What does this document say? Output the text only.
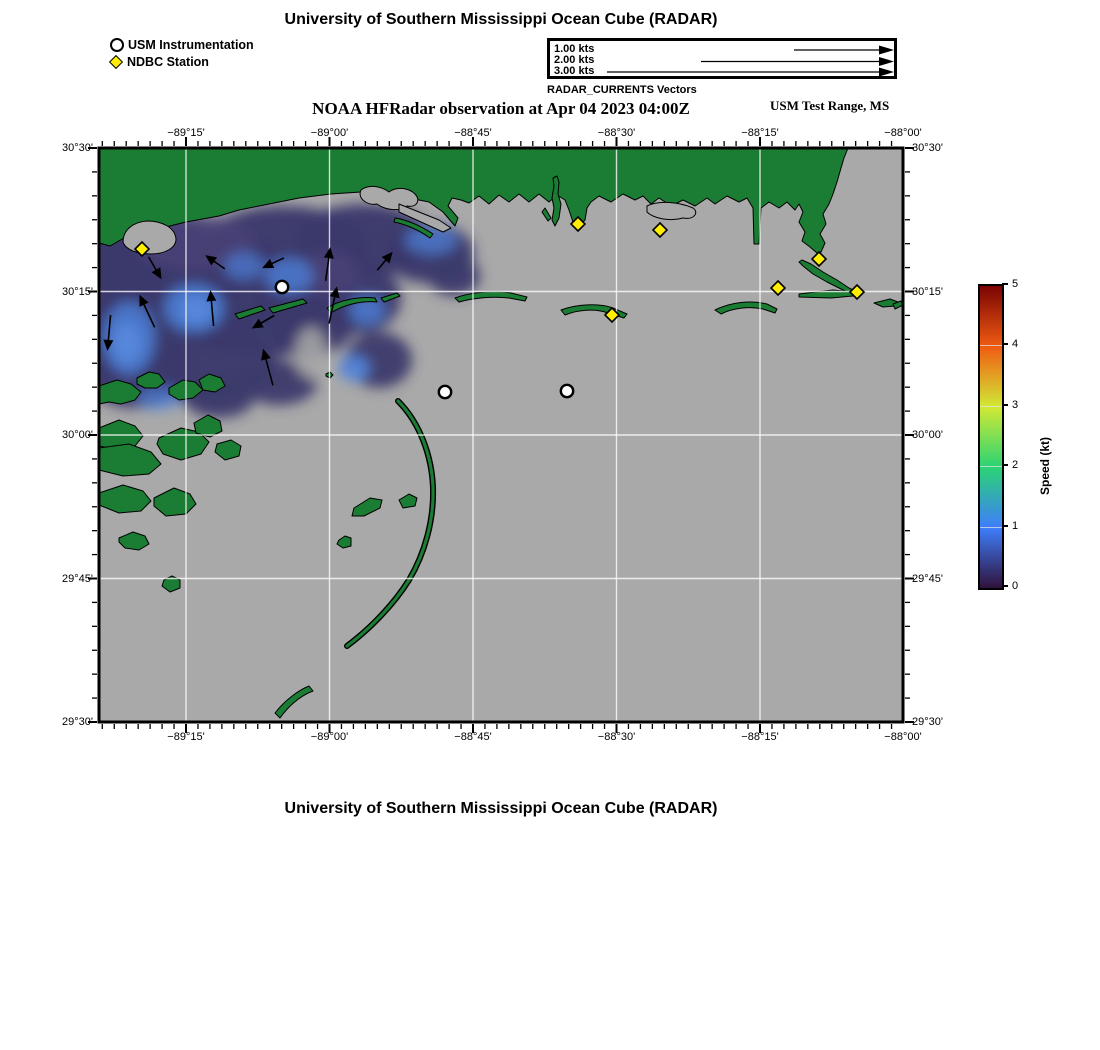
University of Southern Mississippi Ocean Cube (RADAR)
USM Instrumentation
NDBC Station
1.00 kts
2.00 kts
3.00 kts
RADAR_CURRENTS Vectors
NOAA HFRadar observation at Apr 04 2023 04:00Z	USM Test Range, MS
−89°15'
−89°15'
−89°00'
−89°00'
−88°45'
−88°45'
−88°30'
−88°30'
−88°15'
−88°15'
−88°00'
−88°00'
30°30'	30°30'
30°15'	30°15'
30°00'	30°00'
29°45'	29°45'
29°30'	29°30'
5
4
3
2
1
0
Speed (kt)
University of Southern Mississippi Ocean Cube (RADAR)
